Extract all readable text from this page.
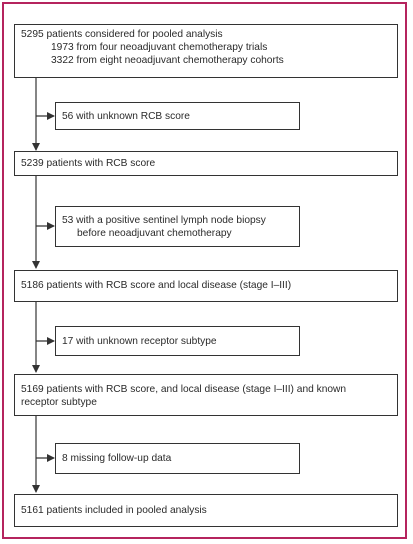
5295 patients considered for pooled analysis
1973 from four neoadjuvant chemotherapy trials
3322 from eight neoadjuvant chemotherapy cohorts
5239 patients with RCB score
5186 patients with RCB score and local disease (stage I–III)
5169 patients with RCB score, and local disease (stage I–III) and known
receptor subtype
5161 patients included in pooled analysis
56 with unknown RCB score
53 with a positive sentinel lymph node biopsy
before neoadjuvant chemotherapy
17 with unknown receptor subtype
8 missing follow-up data
